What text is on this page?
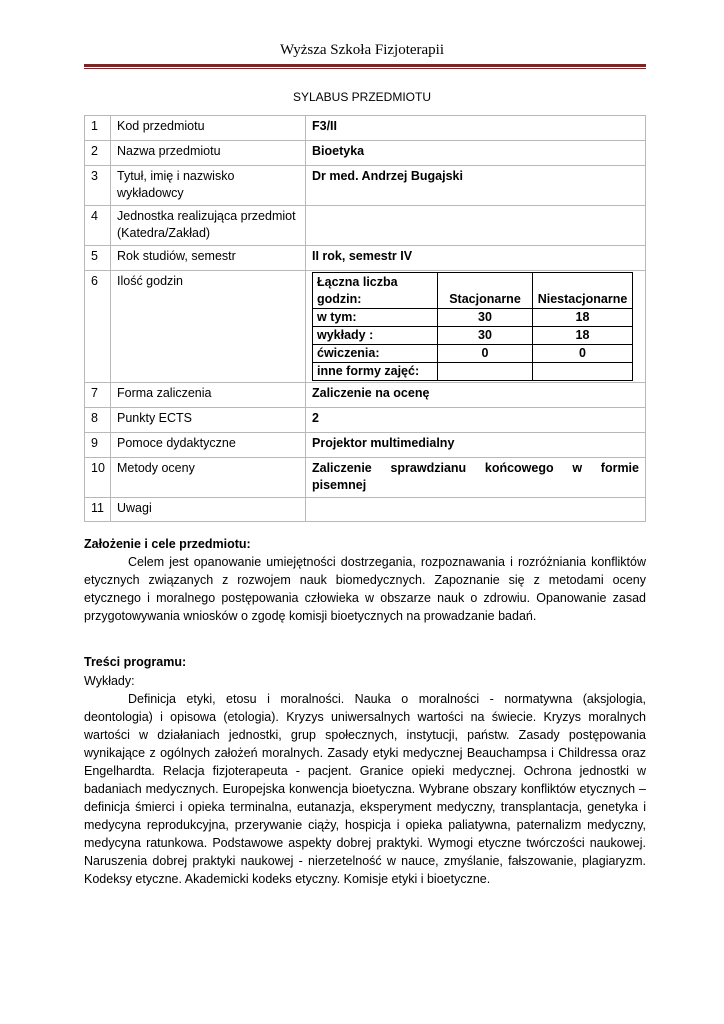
Wyższa Szkoła Fizjoterapii
SYLABUS PRZEDMIOTU
1	Kod przedmiotu	F3/II
2	Nazwa przedmiotu	Bioetyka
3	Tytuł, imię i nazwisko wykładowcy	Dr med. Andrzej Bugajski
4	Jednostka realizująca przedmiot (Katedra/Zakład)	
5	Rok studiów, semestr	II rok, semestr IV
6	Ilość godzin		Łączna liczba godzin:	Stacjonarne	Niestacjonarne
w tym:	30	18
wykłady :	30	18
ćwiczenia:	0	0
inne formy zajęć:		

7	Forma zaliczenia	Zaliczenie na ocenę
8	Punkty ECTS	2
9	Pomoce dydaktyczne	Projektor multimedialny
10	Metody oceny	Zaliczenie sprawdzianu końcowego w formie
pisemnej

11	Uwagi	
Założenie i cele przedmiotu:

Celem jest opanowanie umiejętności dostrzegania, rozpoznawania i rozróżniania konfliktów etycznych związanych z rozwojem nauk biomedycznych. Zapoznanie się z metodami oceny etycznego i moralnego postępowania człowieka w obszarze nauk o zdrowiu. Opanowanie zasad przygotowywania wniosków o zgodę komisji bioetycznych na prowadzanie badań.

Treści programu:
Wykłady:

Definicja etyki, etosu i moralności. Nauka o moralności - normatywna (aksjologia, deontologia) i opisowa (etologia). Kryzys uniwersalnych wartości na świecie. Kryzys moralnych wartości w działaniach jednostki, grup społecznych, instytucji, państw. Zasady postępowania wynikające z ogólnych założeń moralnych. Zasady etyki medycznej Beauchampsa i Childressa oraz Engelhardta. Relacja fizjoterapeuta - pacjent. Granice opieki medycznej. Ochrona jednostki w badaniach medycznych. Europejska konwencja bioetyczna. Wybrane obszary konfliktów etycznych – definicja śmierci i opieka terminalna, eutanazja, eksperyment medyczny, transplantacja, genetyka i medycyna reprodukcyjna, przerywanie ciąży, hospicja i opieka paliatywna, paternalizm medyczny, medycyna ratunkowa. Podstawowe aspekty dobrej praktyki. Wymogi etyczne twórczości naukowej. Naruszenia dobrej praktyki naukowej - nierzetelność w nauce, zmyślanie, fałszowanie, plagiaryzm. Kodeksy etyczne. Akademicki kodeks etyczny. Komisje etyki i bioetyczne.
